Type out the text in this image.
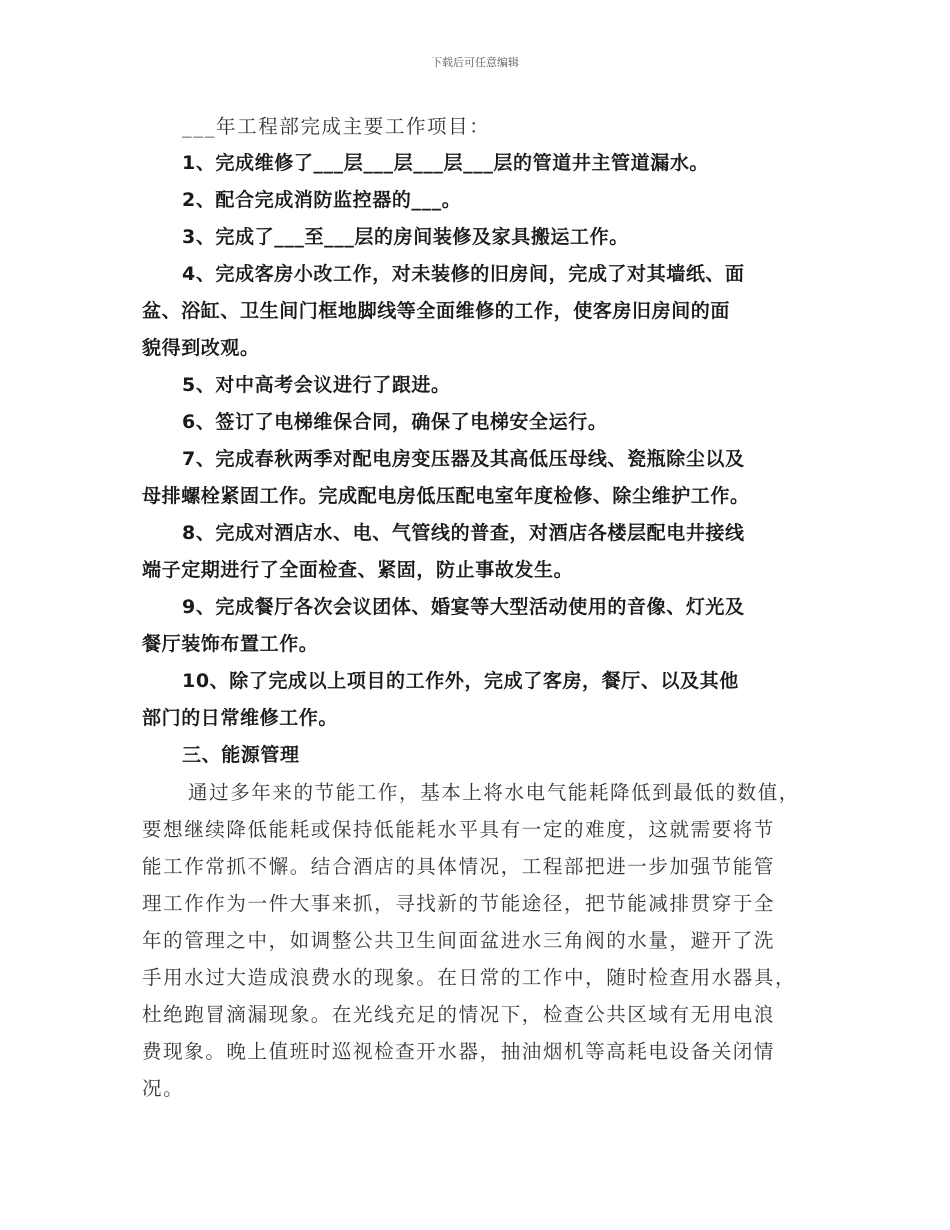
下载后可任意编辑

___年工程部完成主要工作项目：

1、完成维修了___层___层___层___层的管道井主管道漏水。

2、配合完成消防监控器的___。

3、完成了___至___层的房间装修及家具搬运工作。

4、完成客房小改工作，对未装修的旧房间，完成了对其墙纸、面

盆、浴缸、卫生间门框地脚线等全面维修的工作，使客房旧房间的面

貌得到改观。

5、对中高考会议进行了跟进。

6、签订了电梯维保合同，确保了电梯安全运行。

7、完成春秋两季对配电房变压器及其高低压母线、瓷瓶除尘以及

母排螺栓紧固工作。完成配电房低压配电室年度检修、除尘维护工作。

8、完成对酒店水、电、气管线的普查，对酒店各楼层配电井接线

端子定期进行了全面检查、紧固，防止事故发生。

9、完成餐厅各次会议团体、婚宴等大型活动使用的音像、灯光及

餐厅装饰布置工作。

10、除了完成以上项目的工作外，完成了客房，餐厅、以及其他

部门的日常维修工作。

三、能源管理

通过多年来的节能工作，基本上将水电气能耗降低到最低的数值，

要想继续降低能耗或保持低能耗水平具有一定的难度，这就需要将节

能工作常抓不懈。结合酒店的具体情况，工程部把进一步加强节能管

理工作作为一件大事来抓，寻找新的节能途径，把节能减排贯穿于全

年的管理之中，如调整公共卫生间面盆进水三角阀的水量，避开了洗

手用水过大造成浪费水的现象。在日常的工作中，随时检查用水器具，

杜绝跑冒滴漏现象。在光线充足的情况下，检查公共区域有无用电浪

费现象。晚上值班时巡视检查开水器，抽油烟机等高耗电设备关闭情

况。
